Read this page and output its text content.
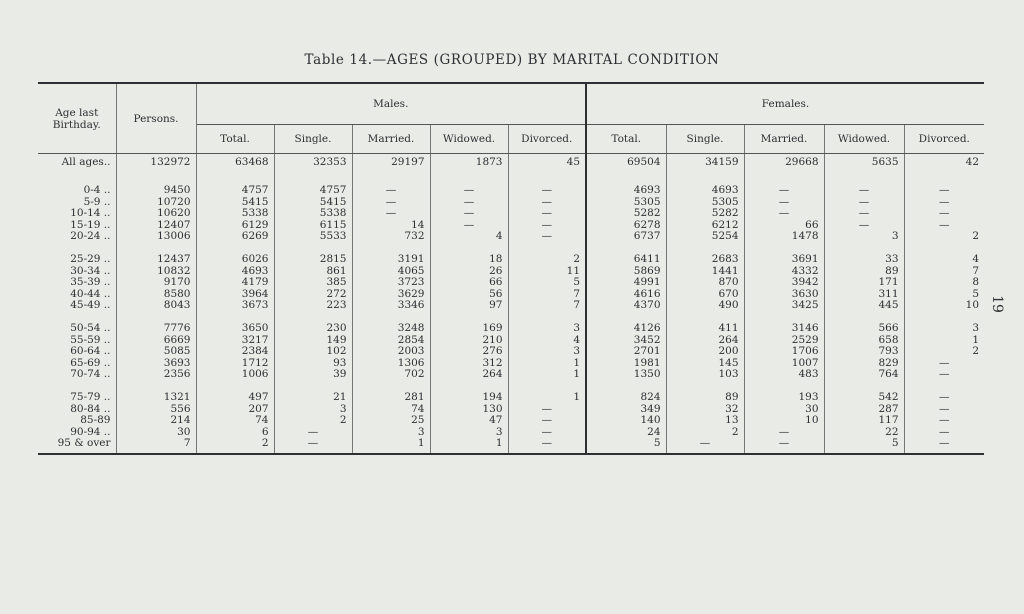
Table 14.—AGES (GROUPED) BY MARITAL CONDITION
19
Age last Birthday.	Persons.	Males.					Females.				
		Total.	Single.	Married.	Widowed.	Divorced.	Total.	Single.	Married.	Widowed.	Divorced.
All ages..	132972	63468	32353	29197	1873	45	69504	34159	29668	5635	42

0-4 ..	9450	4757	4757	—	—	—	4693	4693	—	—	—
5-9 ..	10720	5415	5415	—	—	—	5305	5305	—	—	—
10-14 ..	10620	5338	5338	—	—	—	5282	5282	—	—	—
15-19 ..	12407	6129	6115	14	—	—	6278	6212	66	—	—
20-24 ..	13006	6269	5533	732	4	—	6737	5254	1478	3	2

25-29 ..	12437	6026	2815	3191	18	2	6411	2683	3691	33	4
30-34 ..	10832	4693	861	4065	26	11	5869	1441	4332	89	7
35-39 ..	9170	4179	385	3723	66	5	4991	870	3942	171	8
40-44 ..	8580	3964	272	3629	56	7	4616	670	3630	311	5
45-49 ..	8043	3673	223	3346	97	7	4370	490	3425	445	10

50-54 ..	7776	3650	230	3248	169	3	4126	411	3146	566	3
55-59 ..	6669	3217	149	2854	210	4	3452	264	2529	658	1
60-64 ..	5085	2384	102	2003	276	3	2701	200	1706	793	2
65-69 ..	3693	1712	93	1306	312	1	1981	145	1007	829	—
70-74 ..	2356	1006	39	702	264	1	1350	103	483	764	—

75-79 ..	1321	497	21	281	194	1	824	89	193	542	—
80-84 ..	556	207	3	74	130	—	349	32	30	287	—
85-89	214	74	2	25	47	—	140	13	10	117	—
90-94 ..	30	6	—	3	3	—	24	2	—	22	—
95 & over	7	2	—	1	1	—	5	—	—	5	—
